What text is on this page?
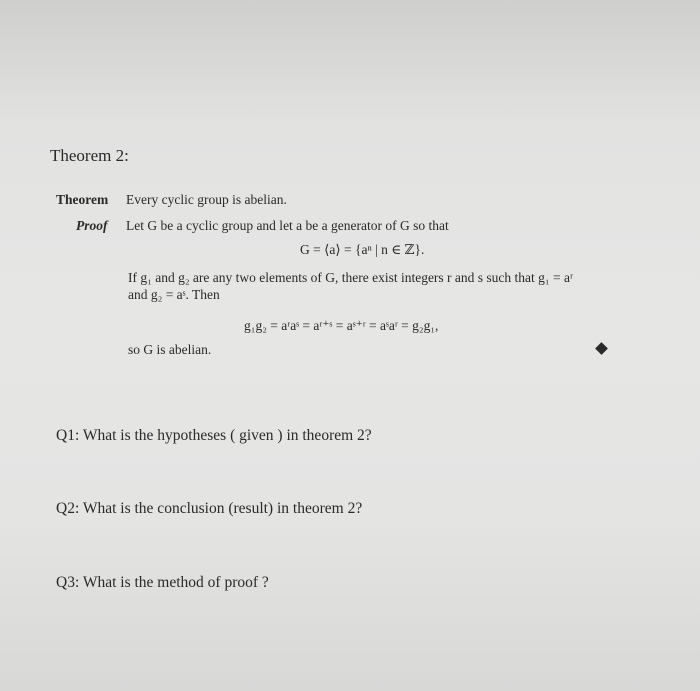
Theorem 2:
Theorem Every cyclic group is abelian.
Proof Let G be a cyclic group and let a be a generator of G so that
G = ⟨a⟩ = {aⁿ | n ∈ ℤ}.
If g₁ and g₂ are any two elements of G, there exist integers r and s such that g₁ = aʳ
and g₂ = aˢ. Then
g₁g₂ = aʳaˢ = aʳ⁺ˢ = aˢ⁺ʳ = aˢaʳ = g₂g₁,
so G is abelian.
Q1: What is the hypotheses ( given ) in theorem 2?
Q2: What is the conclusion (result) in theorem 2?
Q3: What is the method of proof ?
